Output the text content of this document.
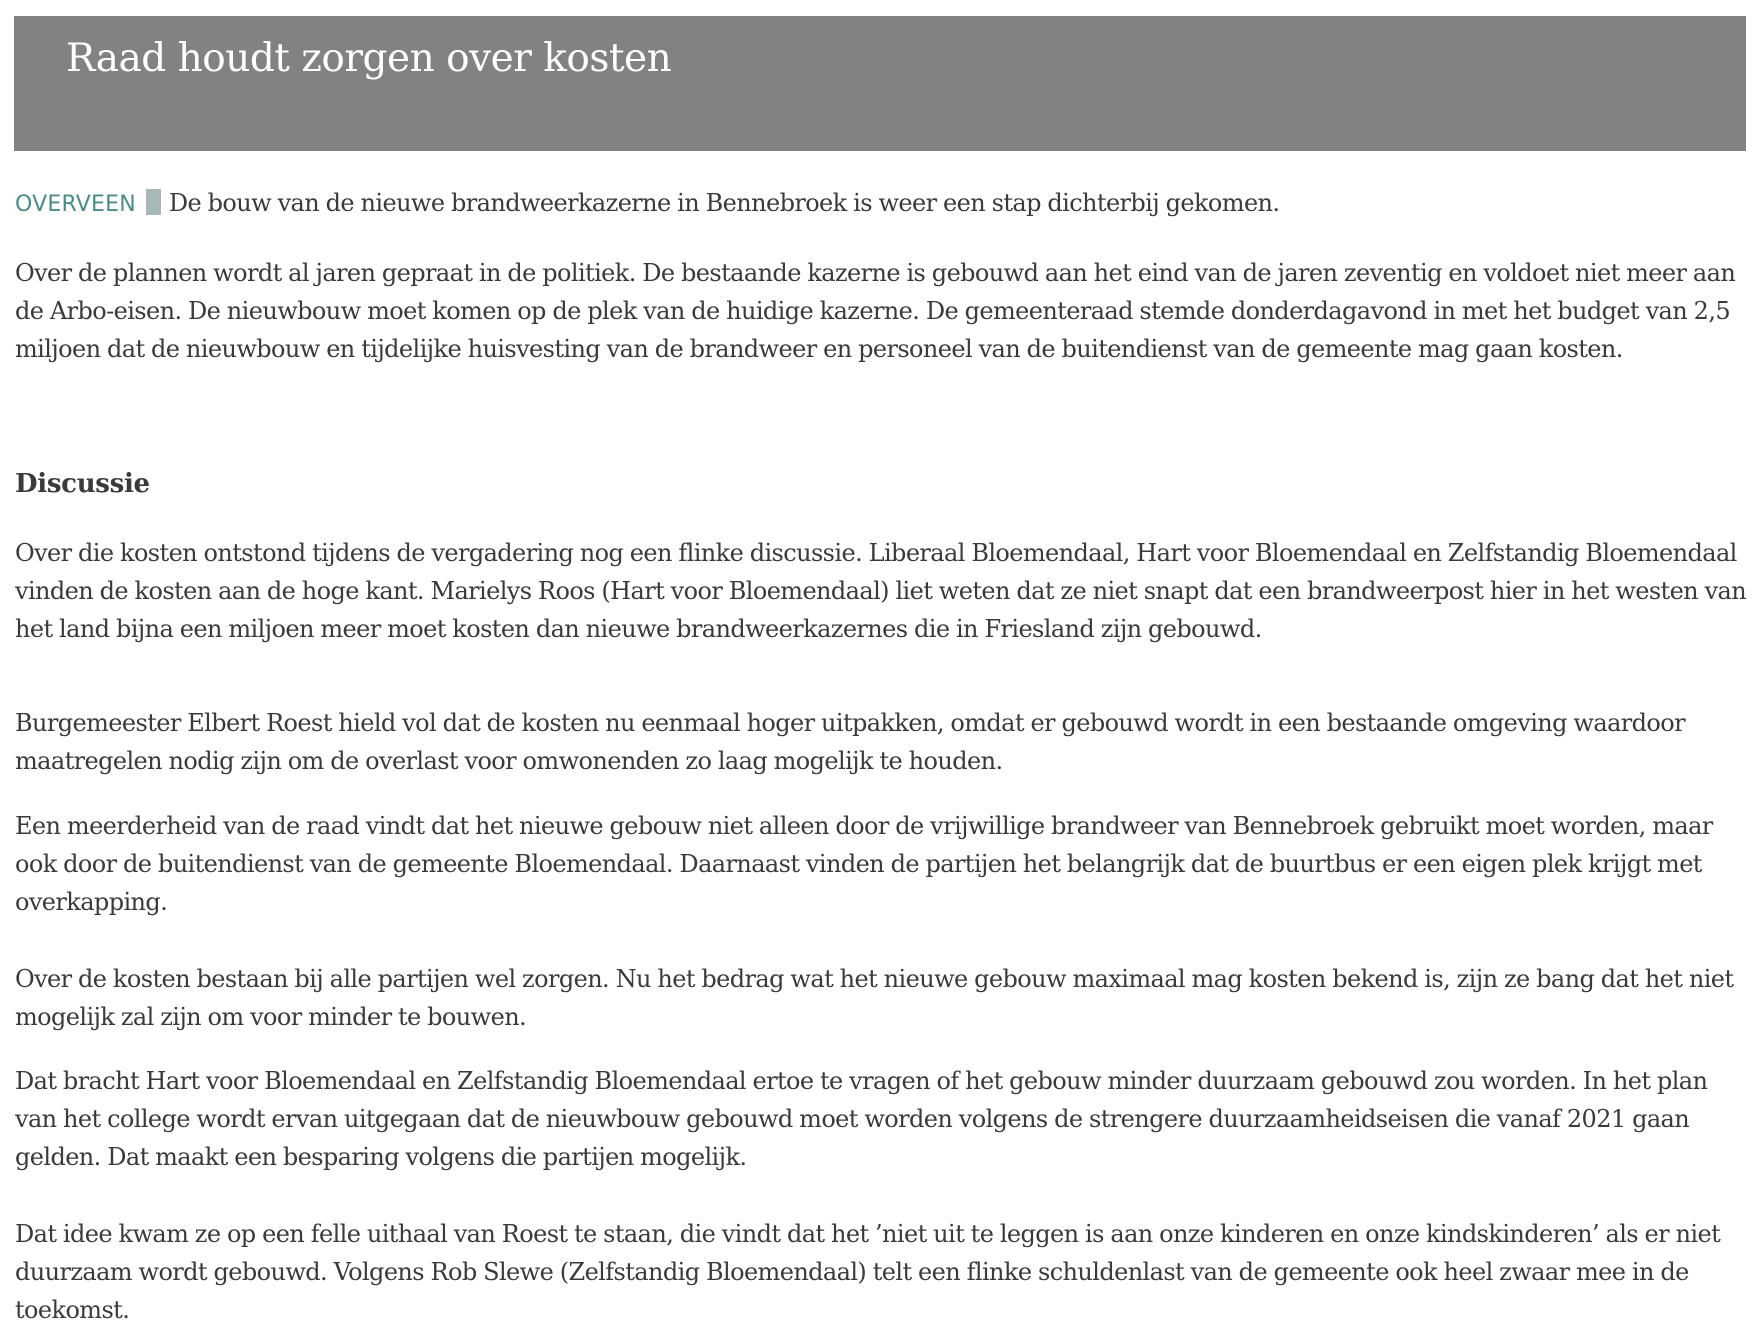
Raad houdt zorgen over kosten

OVERVEEN De bouw van de nieuwe brandweerkazerne in Bennebroek is weer een stap dichterbij gekomen.

Over de plannen wordt al jaren gepraat in de politiek. De bestaande kazerne is gebouwd aan het eind van de jaren zeventig en voldoet niet meer aan de Arbo-eisen. De nieuwbouw moet komen op de plek van de huidige kazerne. De gemeenteraad stemde donderdagavond in met het budget van 2,5 miljoen dat de nieuwbouw en tijdelijke huisvesting van de brandweer en personeel van de buitendienst van de gemeente mag gaan kosten.

Discussie

Over die kosten ontstond tijdens de vergadering nog een flinke discussie. Liberaal Bloemendaal, Hart voor Bloemendaal en Zelfstandig Bloemendaal vinden de kosten aan de hoge kant. Marielys Roos (Hart voor Bloemendaal) liet weten dat ze niet snapt dat een brandweerpost hier in het westen van het land bijna een miljoen meer moet kosten dan nieuwe brandweerkazernes die in Friesland zijn gebouwd.

Burgemeester Elbert Roest hield vol dat de kosten nu eenmaal hoger uitpakken, omdat er gebouwd wordt in een bestaande omgeving waardoor maatregelen nodig zijn om de overlast voor omwonenden zo laag mogelijk te houden.

Een meerderheid van de raad vindt dat het nieuwe gebouw niet alleen door de vrijwillige brandweer van Bennebroek gebruikt moet worden, maar ook door de buitendienst van de gemeente Bloemendaal. Daarnaast vinden de partijen het belangrijk dat de buurtbus er een eigen plek krijgt met overkapping.

Over de kosten bestaan bij alle partijen wel zorgen. Nu het bedrag wat het nieuwe gebouw maximaal mag kosten bekend is, zijn ze bang dat het niet mogelijk zal zijn om voor minder te bouwen.

Dat bracht Hart voor Bloemendaal en Zelfstandig Bloemendaal ertoe te vragen of het gebouw minder duurzaam gebouwd zou worden. In het plan van het college wordt ervan uitgegaan dat de nieuwbouw gebouwd moet worden volgens de strengere duurzaamheidseisen die vanaf 2021 gaan gelden. Dat maakt een besparing volgens die partijen mogelijk.

Dat idee kwam ze op een felle uithaal van Roest te staan, die vindt dat het ’niet uit te leggen is aan onze kinderen en onze kindskinderen’ als er niet duurzaam wordt gebouwd. Volgens Rob Slewe (Zelfstandig Bloemendaal) telt een flinke schuldenlast van de gemeente ook heel zwaar mee in de toekomst.
